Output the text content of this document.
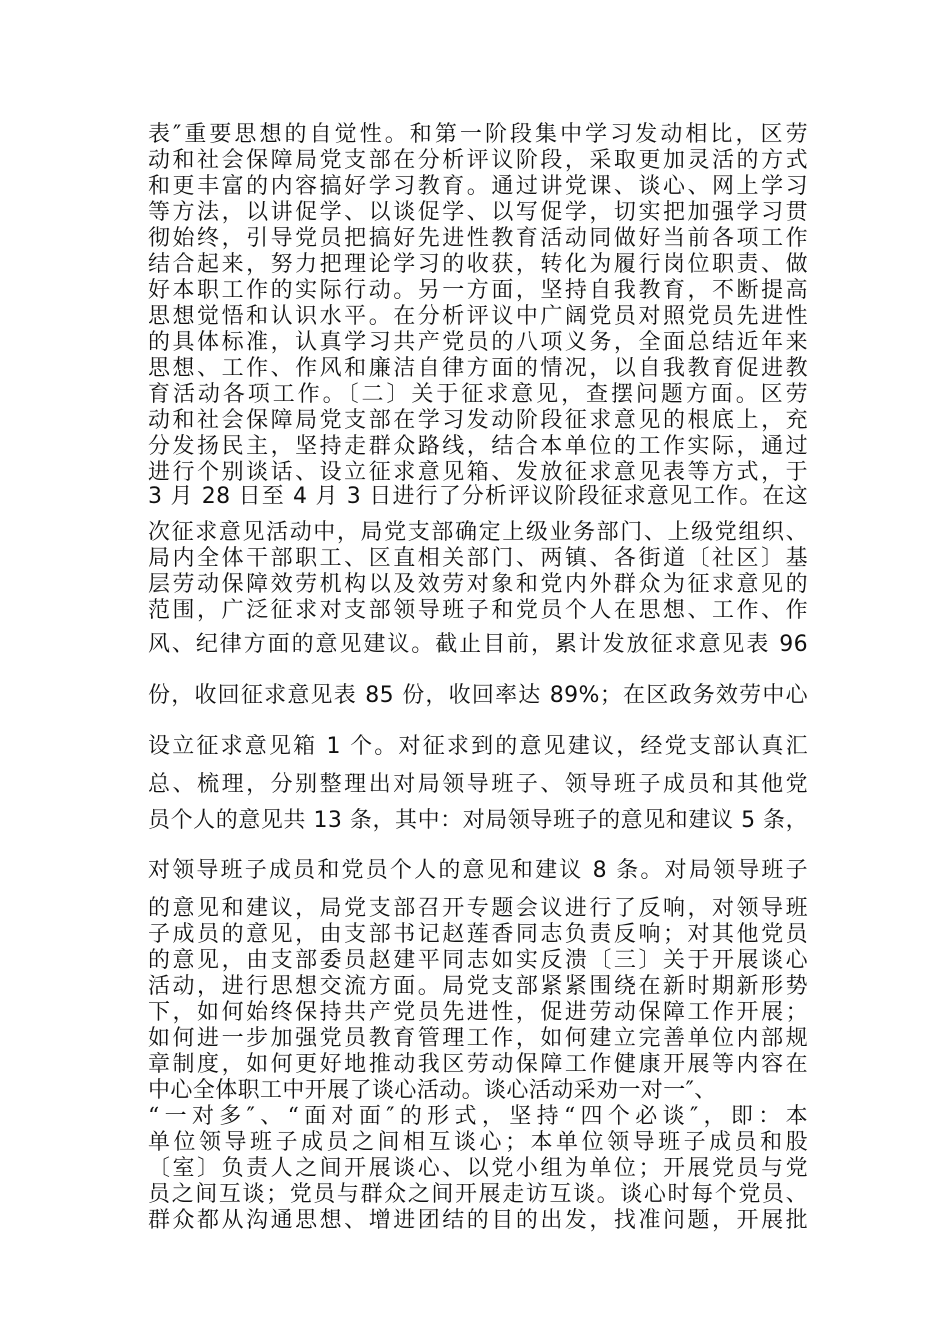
表″重要思想的自觉性。和第一阶段集中学习发动相比，区劳
动和社会保障局党支部在分析评议阶段，采取更加灵活的方式
和更丰富的内容搞好学习教育。通过讲党课、谈心、网上学习
等方法，以讲促学、以谈促学、以写促学，切实把加强学习贯
彻始终，引导党员把搞好先进性教育活动同做好当前各项工作
结合起来，努力把理论学习的收获，转化为履行岗位职责、做
好本职工作的实际行动。另一方面，坚持自我教育，不断提高
思想觉悟和认识水平。在分析评议中广阔党员对照党员先进性
的具体标准，认真学习共产党员的八项义务，全面总结近年来
思想、工作、作风和廉洁自律方面的情况，以自我教育促进教
育活动各项工作。〔二〕关于征求意见，查摆问题方面。区劳
动和社会保障局党支部在学习发动阶段征求意见的根底上，充
分发扬民主，坚持走群众路线，结合本单位的工作实际，通过
进行个别谈话、设立征求意见箱、发放征求意见表等方式，于
3 月 28 日至 4 月 3 日进行了分析评议阶段征求意见工作。在这
次征求意见活动中，局党支部确定上级业务部门、上级党组织、
局内全体干部职工、区直相关部门、两镇、各街道〔社区〕基
层劳动保障效劳机构以及效劳对象和党内外群众为征求意见的
范围，广泛征求对支部领导班子和党员个人在思想、工作、作
风、纪律方面的意见建议。截止目前，累计发放征求意见表 96
份，收回征求意见表 85 份，收回率达 89%；在区政务效劳中心
设立征求意见箱 1 个。对征求到的意见建议，经党支部认真汇
总、梳理，分别整理出对局领导班子、领导班子成员和其他党
员个人的意见共 13 条，其中：对局领导班子的意见和建议 5 条，
对领导班子成员和党员个人的意见和建议 8 条。对局领导班子
的意见和建议，局党支部召开专题会议进行了反响，对领导班
子成员的意见，由支部书记赵莲香同志负责反响；对其他党员
的意见，由支部委员赵建平同志如实反溃〔三〕关于开展谈心
活动，进行思想交流方面。局党支部紧紧围绕在新时期新形势
下，如何始终保持共产党员先进性，促进劳动保障工作开展；
如何进一步加强党员教育管理工作，如何建立完善单位内部规
章制度，如何更好地推动我区劳动保障工作健康开展等内容在
中心全体职工中开展了谈心活动。谈心活动采劝一对一″、
“一对多″、“面对面″的形式，坚持“四个必谈″，即：本
单位领导班子成员之间相互谈心；本单位领导班子成员和股
〔室〕负责人之间开展谈心、以党小组为单位；开展党员与党
员之间互谈；党员与群众之间开展走访互谈。谈心时每个党员、
群众都从沟通思想、增进团结的目的出发，找准问题，开展批
